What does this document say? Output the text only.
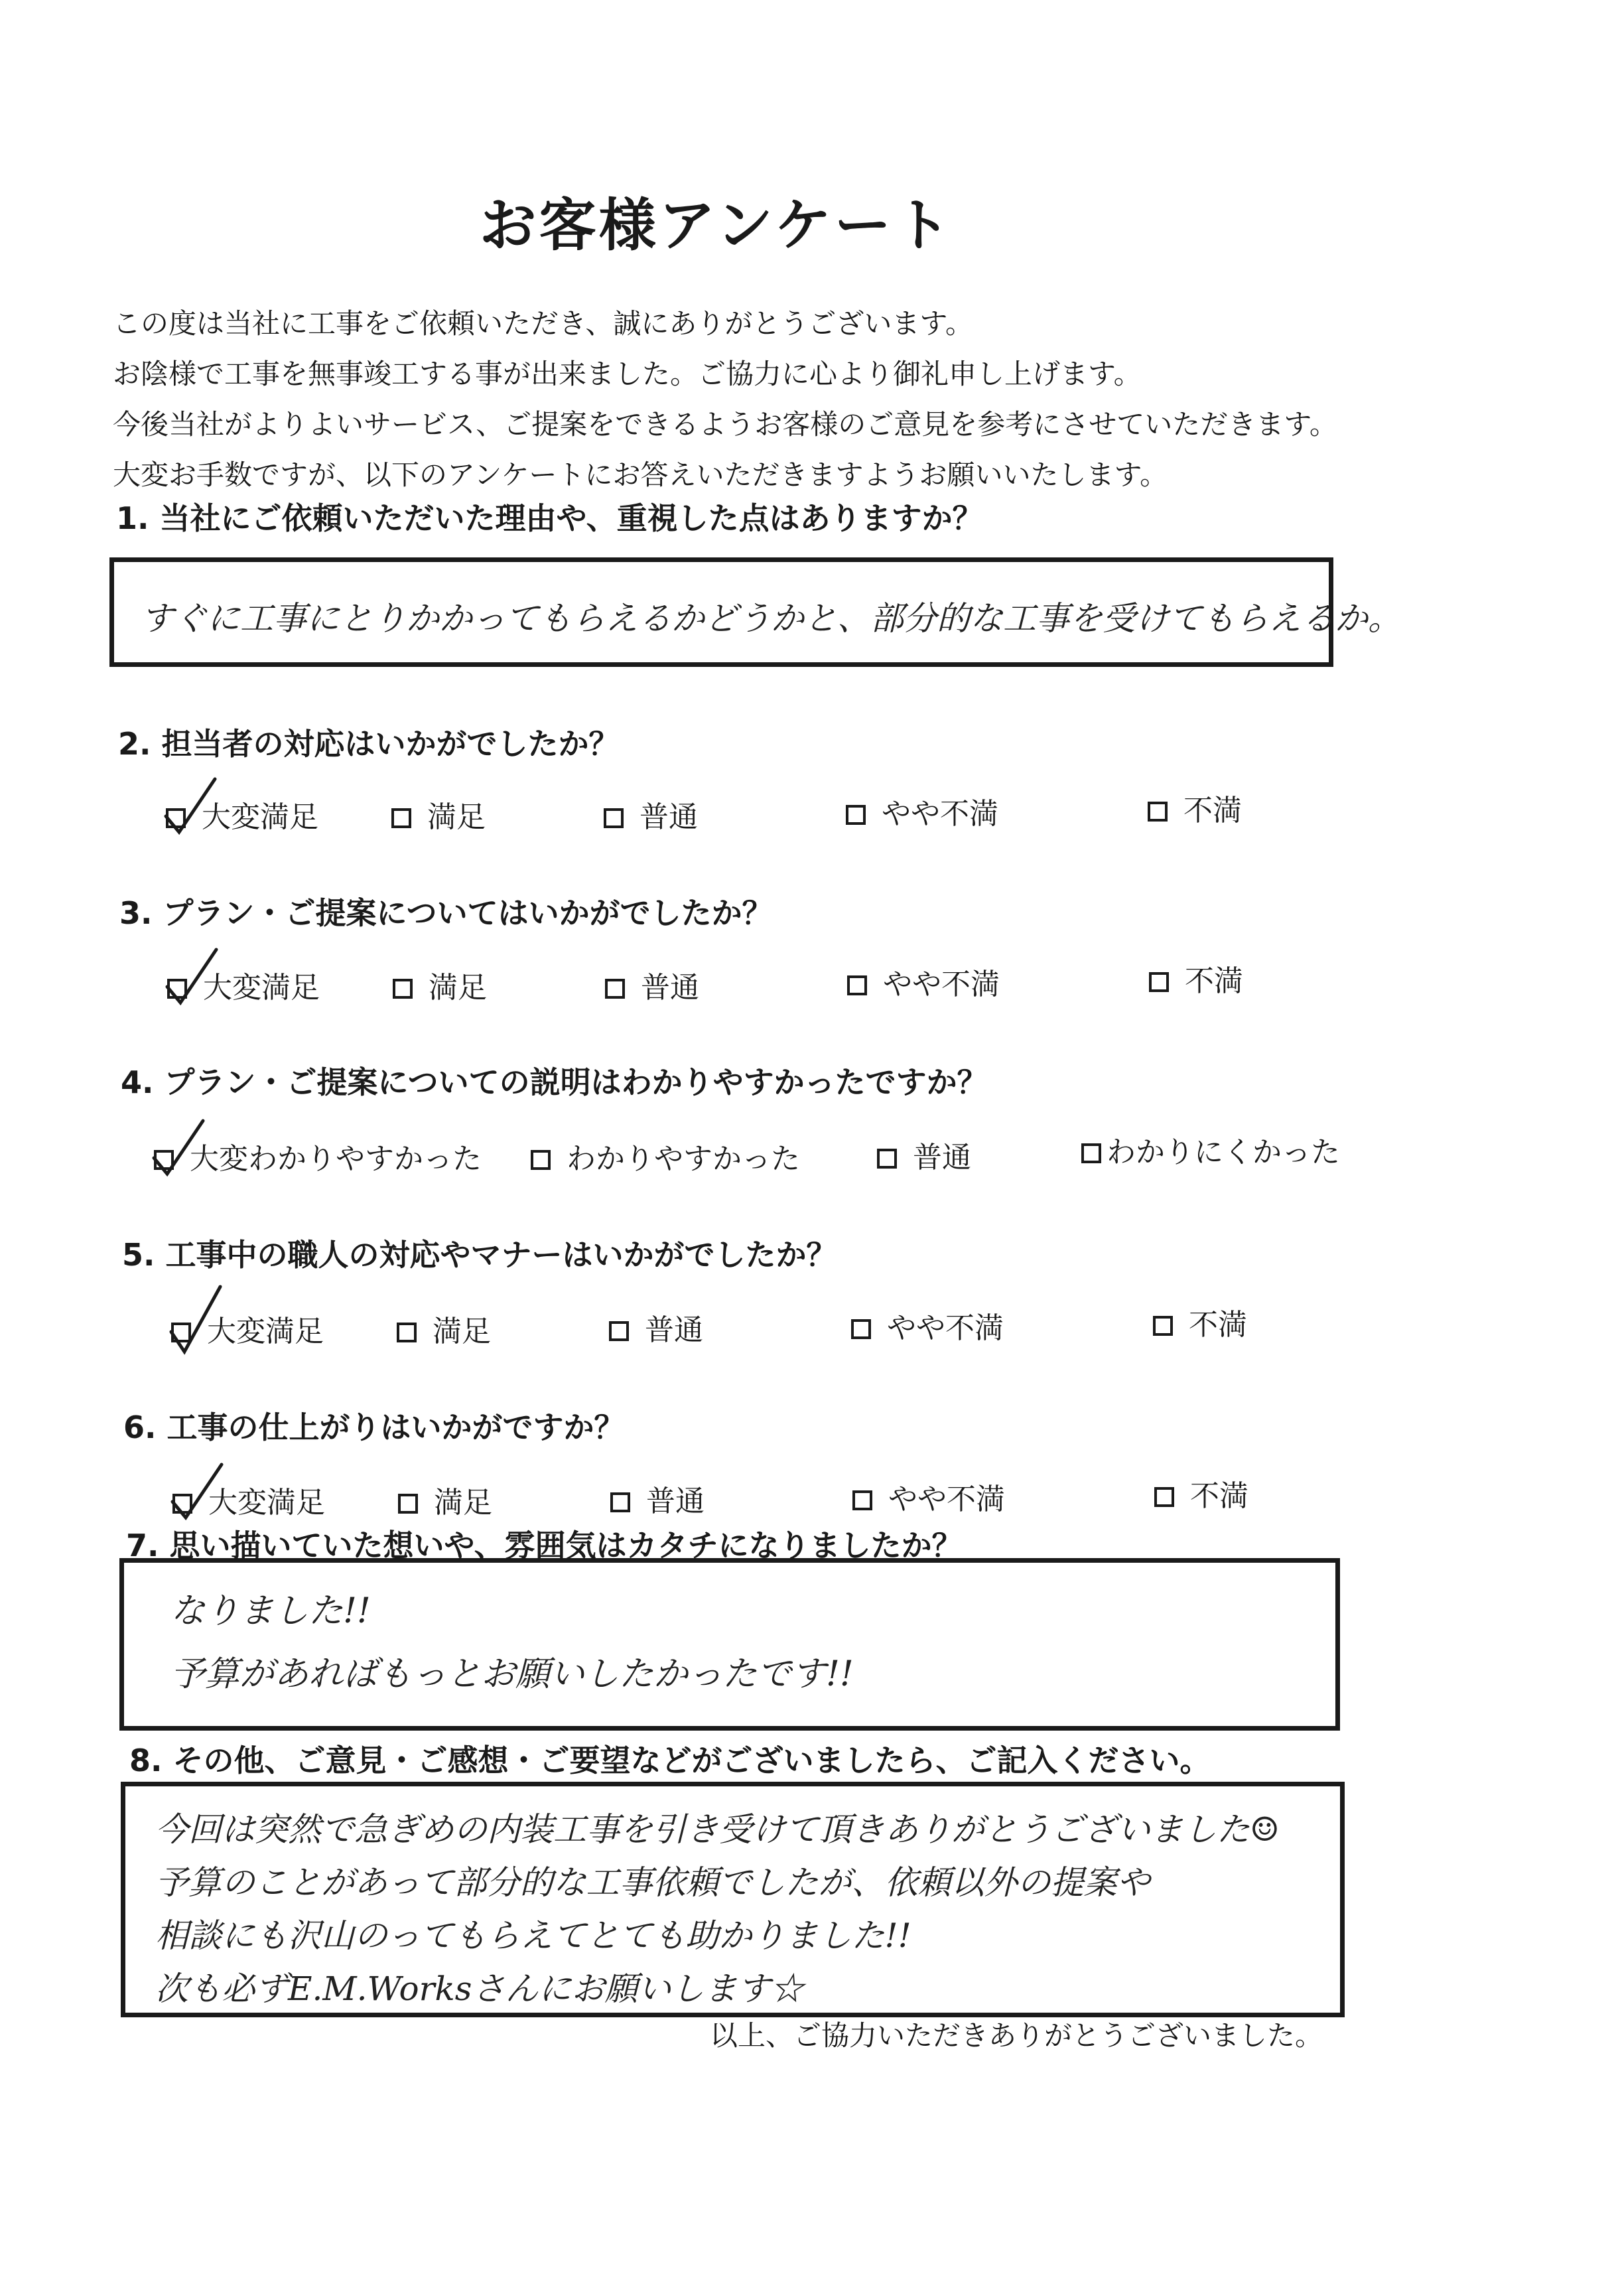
お客様アンケート
この度は当社に工事をご依頼いただき、誠にありがとうございます。
お陰様で工事を無事竣工する事が出来ました。ご協力に心より御礼申し上げます。
今後当社がよりよいサービス、ご提案をできるようお客様のご意見を参考にさせていただきます。
大変お手数ですが、以下のアンケートにお答えいただきますようお願いいたします。
1. 当社にご依頼いただいた理由や、重視した点はありますか？
すぐに工事にとりかかってもらえるかどうかと、部分的な工事を受けてもらえるか。
2. 担当者の対応はいかがでしたか？
大変満足	満足	普通	やや不満	不満
3. プラン・ご提案についてはいかがでしたか？
大変満足	満足	普通	やや不満	不満
4. プラン・ご提案についての説明はわかりやすかったですか？
大変わかりやすかった	わかりやすかった	普通	わかりにくかった
5. 工事中の職人の対応やマナーはいかがでしたか？
大変満足	満足	普通	やや不満	不満
6. 工事の仕上がりはいかがですか？
大変満足	満足	普通	やや不満	不満
7. 思い描いていた想いや、雰囲気はカタチになりましたか？
なりました!!
予算があればもっとお願いしたかったです!!
8. その他、ご意見・ご感想・ご要望などがございましたら、ご記入ください。
今回は突然で急ぎめの内装工事を引き受けて頂きありがとうございました☺
予算のことがあって部分的な工事依頼でしたが、依頼以外の提案や
相談にも沢山のってもらえてとても助かりました!!
次も必ずE.M.Worksさんにお願いします☆
以上、ご協力いただきありがとうございました。
